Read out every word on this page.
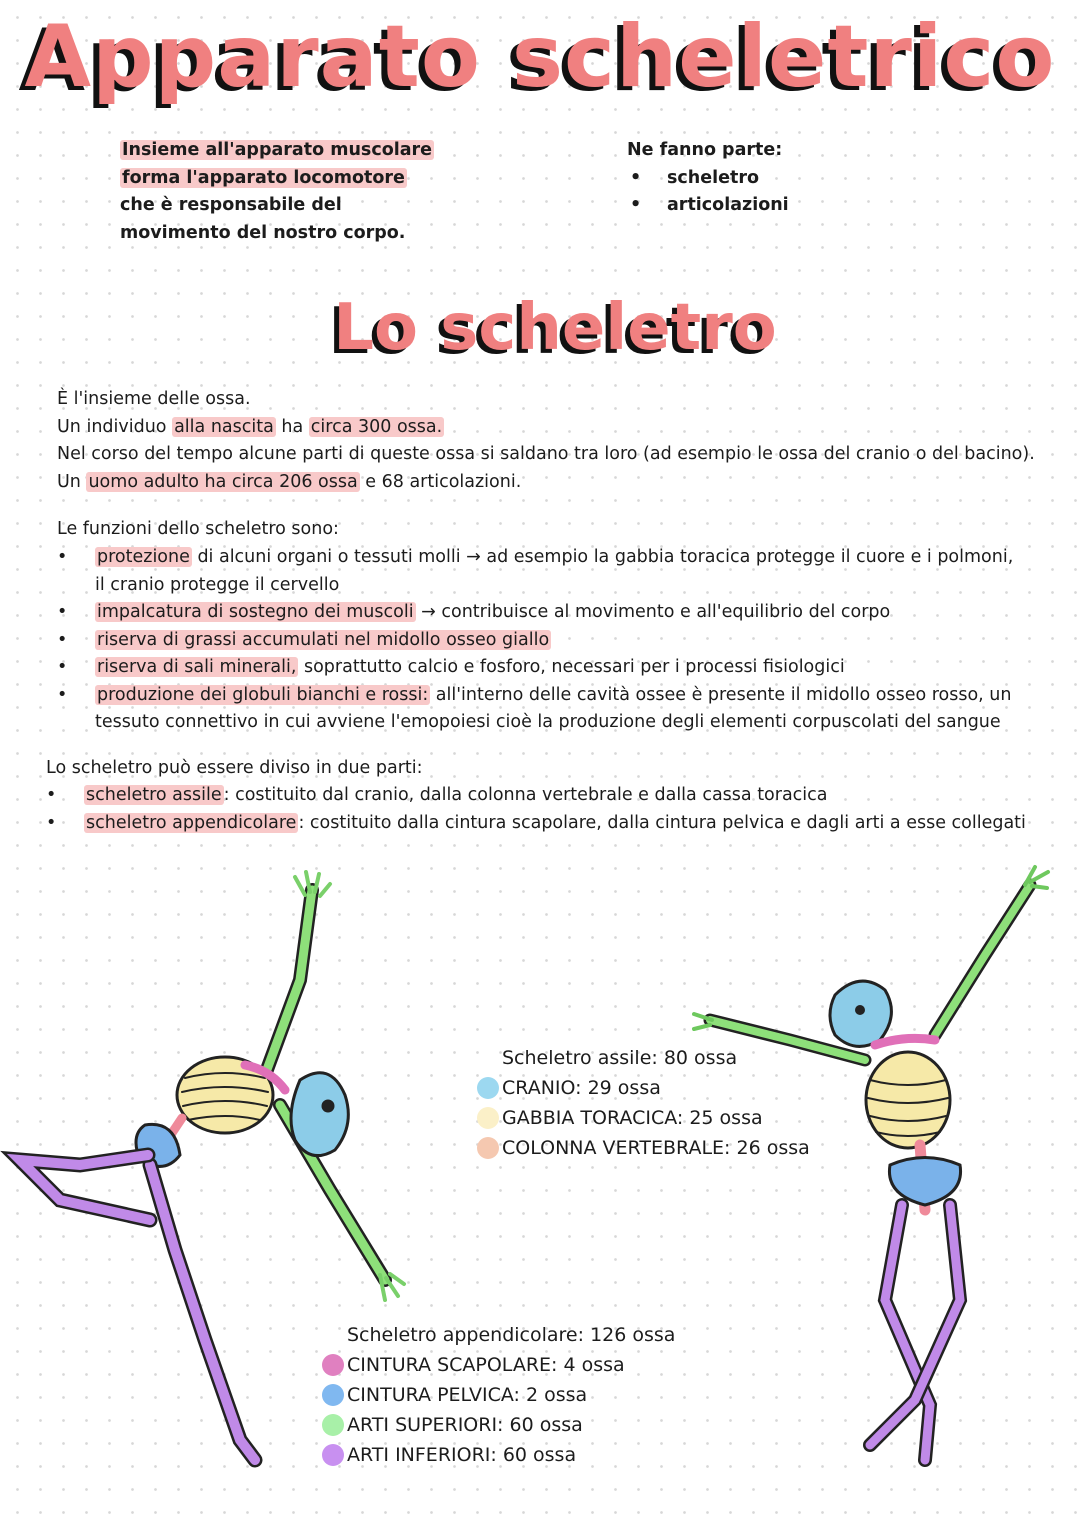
Apparato scheletrico
Insieme all'apparato muscolare
forma l'apparato locomotore
che è responsabile del
movimento del nostro corpo.
Ne fanno parte:
• scheletro
• articolazioni
Lo scheletro
È l'insieme delle ossa.
Un individuo alla nascita ha circa 300 ossa.
Nel corso del tempo alcune parti di queste ossa si saldano tra loro (ad esempio le ossa del cranio o del bacino).
Un uomo adulto ha circa 206 ossa e 68 articolazioni.
Le funzioni dello scheletro sono:
• protezione di alcuni organi o tessuti molli → ad esempio la gabbia toracica protegge il cuore e i polmoni,
il cranio protegge il cervello
• impalcatura di sostegno dei muscoli → contribuisce al movimento e all'equilibrio del corpo
• riserva di grassi accumulati nel midollo osseo giallo
• riserva di sali minerali, soprattutto calcio e fosforo, necessari per i processi fisiologici
• produzione dei globuli bianchi e rossi: all'interno delle cavità ossee è presente il midollo osseo rosso, un
tessuto connettivo in cui avviene l'emopoiesi cioè la produzione degli elementi corpuscolati del sangue
Lo scheletro può essere diviso in due parti:
• scheletro assile : costituito dal cranio, dalla colonna vertebrale e dalla cassa toracica
• scheletro appendicolare : costituito dalla cintura scapolare, dalla cintura pelvica e dagli arti a esse collegati
Scheletro assile: 80 ossa
CRANIO: 29 ossa
GABBIA TORACICA: 25 ossa
COLONNA VERTEBRALE: 26 ossa
Scheletro appendicolare: 126 ossa
CINTURA SCAPOLARE: 4 ossa
CINTURA PELVICA: 2 ossa
ARTI SUPERIORI: 60 ossa
ARTI INFERIORI: 60 ossa
